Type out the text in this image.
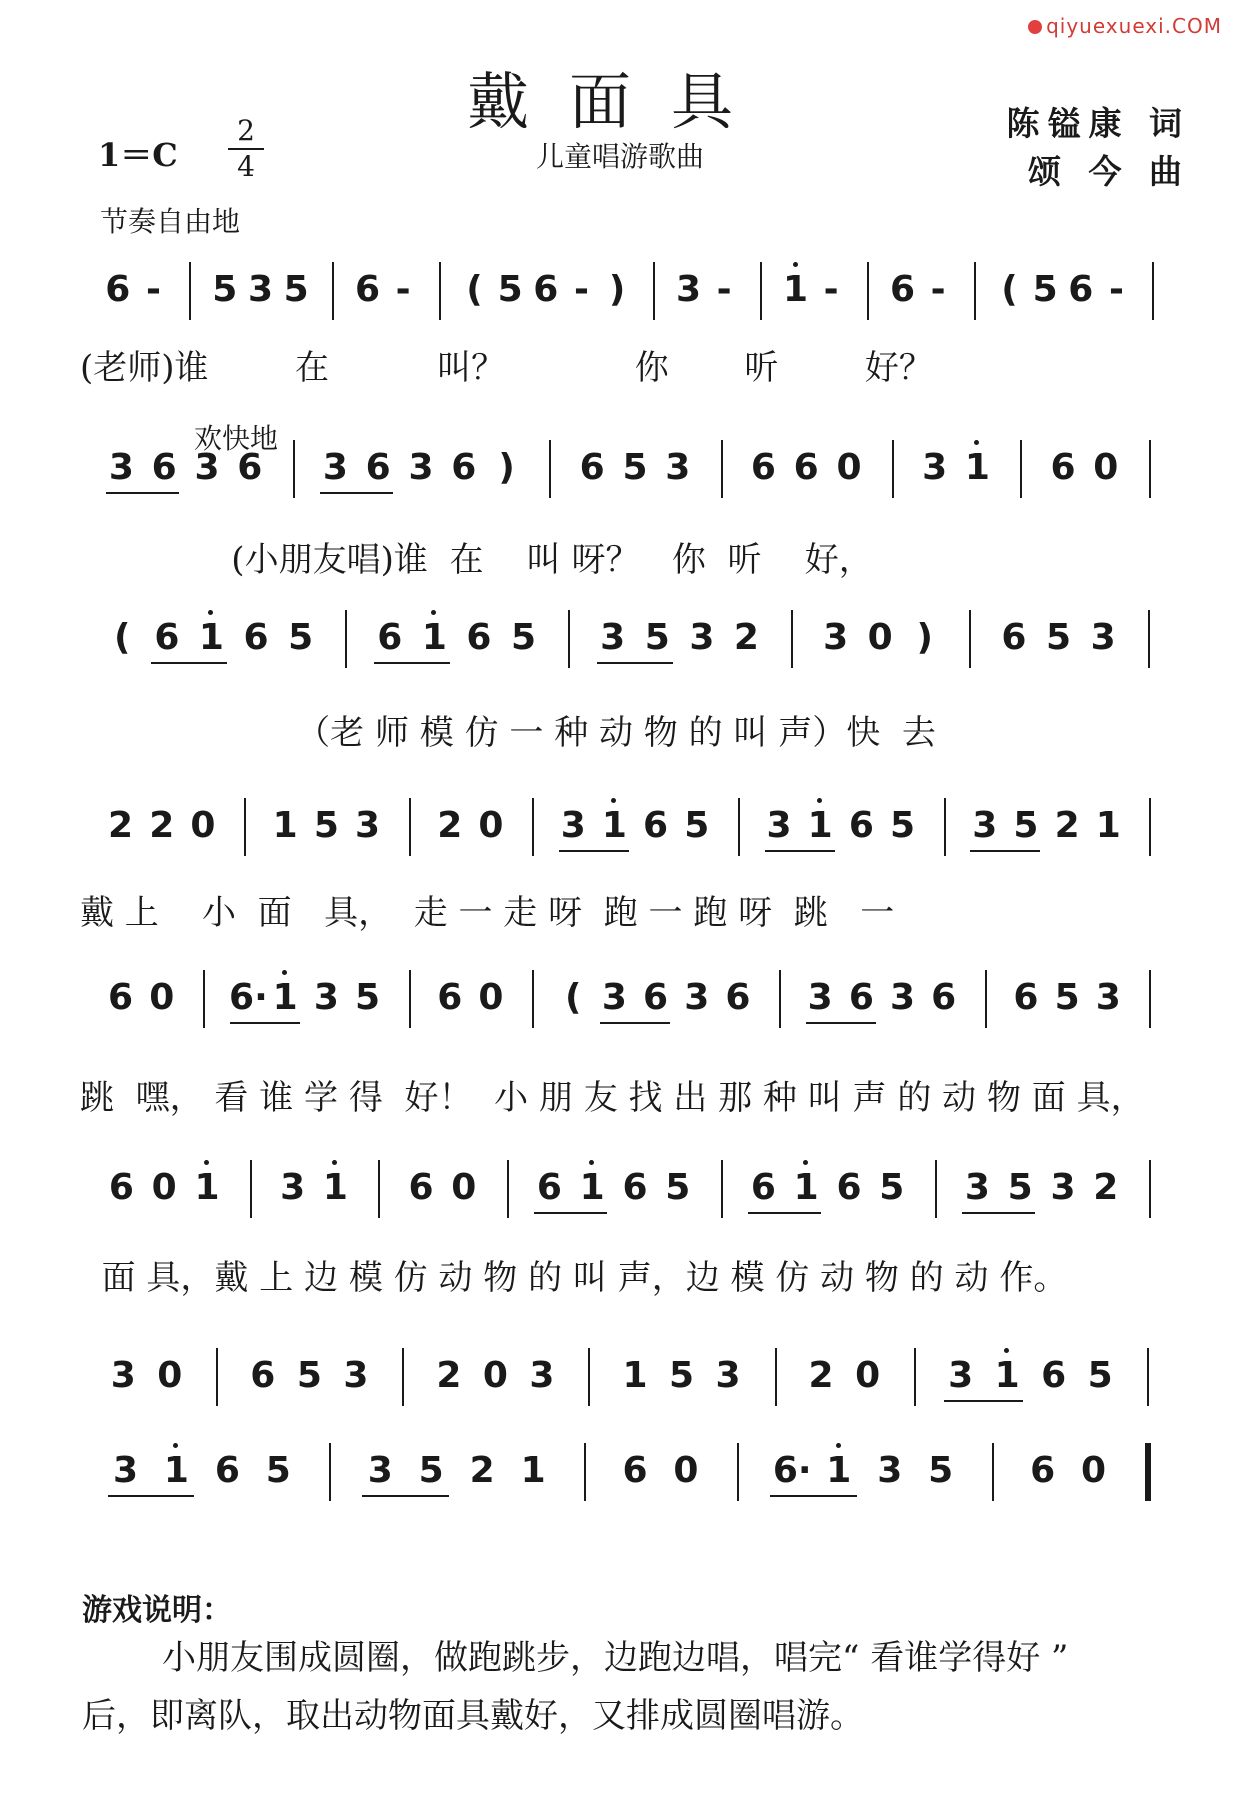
qiyuexuexi.COM
戴面具
儿童唱游歌曲
陈镒康 词
颂 今 曲
1＝C
2
4
节奏自由地
欢快地
6 - 5 3 5 6 - ( 5 6 - ) 3 - 1 - 6 - ( 5 6 -
(老师)谁        在          叫？            你       听        好？
3 6 3 6 3 6 3 6 ) 6 5 3 6 6 0 3 1 6 0
(小朋友唱)谁  在    叫 呀？   你  听    好，
( 6 1 6 5 6 1 6 5 3 5 3 2 3 0 ) 6 5 3
（老 师 模 仿 一 种 动 物 的 叫 声）快  去
2 2 0 1 5 3 2 0 3 1 6 5 3 1 6 5 3 5 2 1
戴 上    小  面   具，  走 一 走 呀  跑 一 跑 呀  跳   一
6 0 6· 1 3 5 6 0 ( 3 6 3 6 3 6 3 6 6 5 3
跳  嘿， 看 谁 学 得  好！  小 朋 友 找 出 那 种 叫 声 的 动 物 面 具，
6 0 1 3 1 6 0 6 1 6 5 6 1 6 5 3 5 3 2
面 具，戴 上 边 模 仿 动 物 的 叫 声，边 模 仿 动 物 的 动 作。
3 0 6 5 3 2 0 3 1 5 3 2 0 3 1 6 5
3 1 6 5 3 5 2 1 6 0 6· 1 3 5 6 0
游戏说明：
小朋友围成圆圈，做跑跳步，边跑边唱，唱完“ 看谁学得好 ”
后，即离队，取出动物面具戴好，又排成圆圈唱游。
